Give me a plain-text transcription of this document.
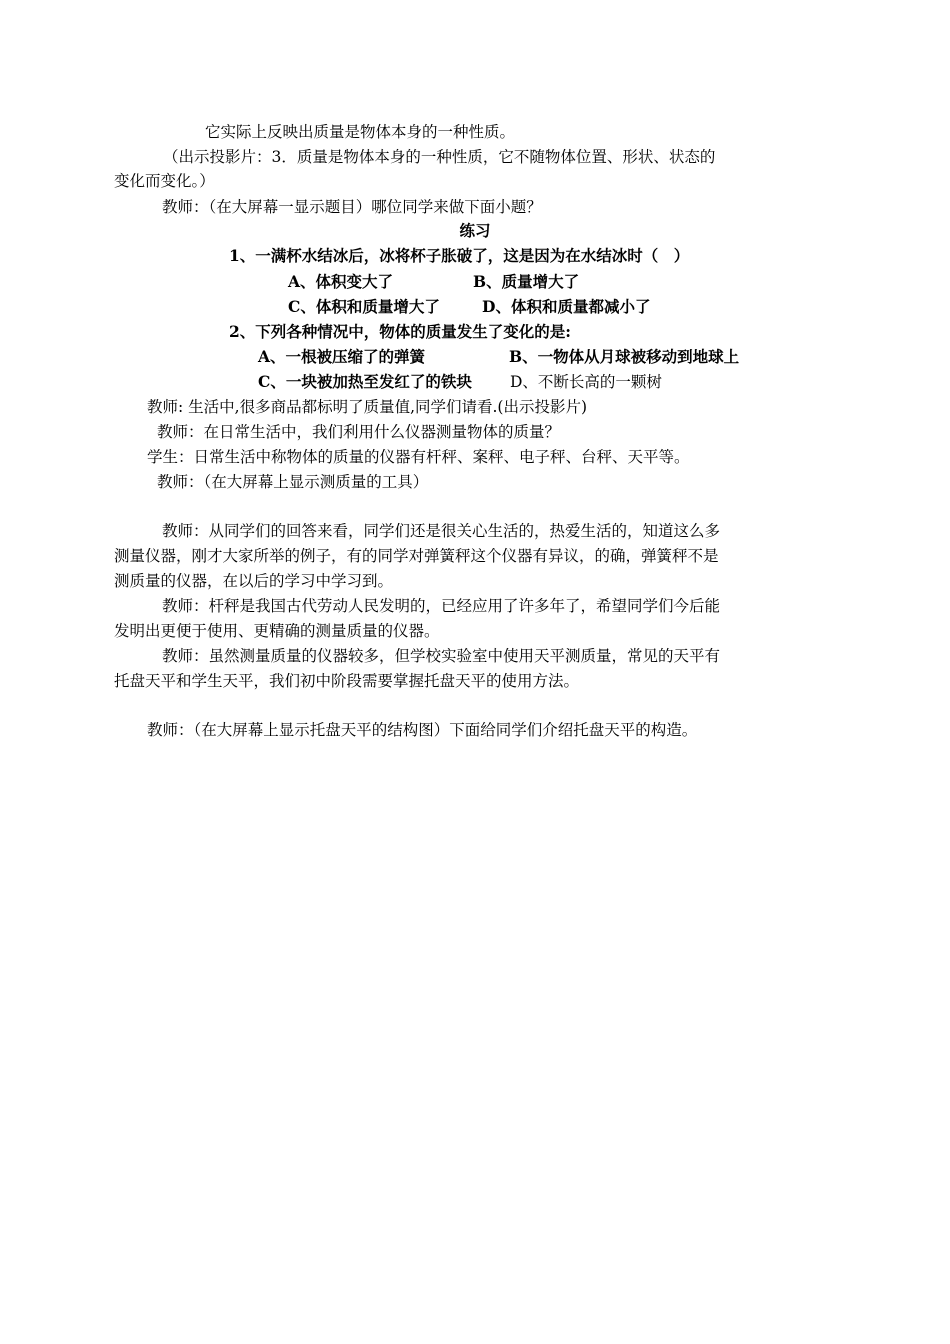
它实际上反映出质量是物体本身的一种性质。
（出示投影片：3．质量是物体本身的一种性质，它不随物体位置、形状、状态的
变化而变化。）
教师：（在大屏幕一显示题目）哪位同学来做下面小题？
练习
1、一满杯水结冰后，冰将杯子胀破了，这是因为在水结冰时（　）
A、体积变大了	B、质量增大了
C、体积和质量增大了	D、体积和质量都减小了
2、下列各种情况中，物体的质量发生了变化的是:
A、一根被压缩了的弹簧	B、一物体从月球被移动到地球上
C、一块被加热至发红了的铁块 D、不断长高的一颗树
教师: 生活中,很多商品都标明了质量值,同学们请看.(出示投影片)
教师：在日常生活中，我们利用什么仪器测量物体的质量？
学生：日常生活中称物体的质量的仪器有杆秤、案秤、电子秤、台秤、天平等。
教师：（在大屏幕上显示测质量的工具）
教师：从同学们的回答来看，同学们还是很关心生活的，热爱生活的，知道这么多
测量仪器，刚才大家所举的例子，有的同学对弹簧秤这个仪器有异议，的确，弹簧秤不是
测质量的仪器，在以后的学习中学习到。
教师：杆秤是我国古代劳动人民发明的，已经应用了许多年了，希望同学们今后能
发明出更便于使用、更精确的测量质量的仪器。
教师：虽然测量质量的仪器较多，但学校实验室中使用天平测质量，常见的天平有
托盘天平和学生天平，我们初中阶段需要掌握托盘天平的使用方法。
教师：（在大屏幕上显示托盘天平的结构图）下面给同学们介绍托盘天平的构造。
